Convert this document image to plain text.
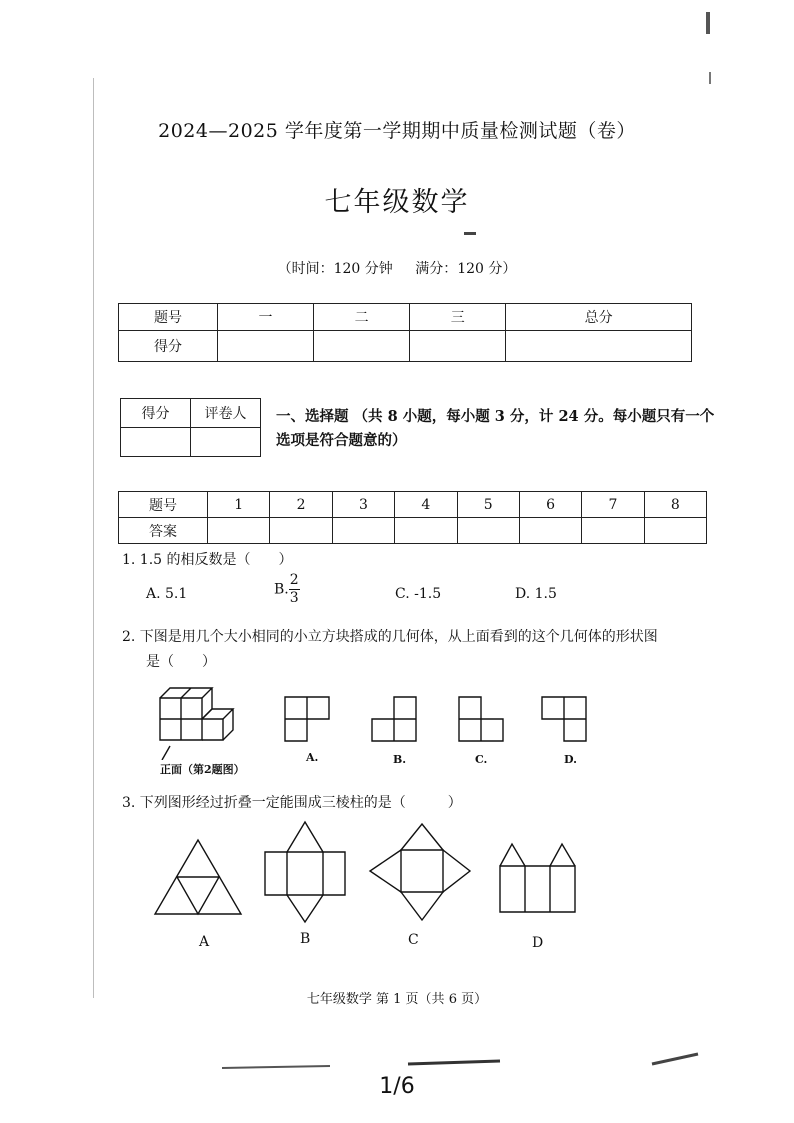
2024—2025 学年度第一学期期中质量检测试题（卷）
七年级数学
（时间：120 分钟 满分：120 分）
题号	一	二	三	总分
得分				
得分	评卷人
	一、选择题 （共 8 小题，每小题 3 分，计 24 分。每小题只有一个选项是符合题意的）
题号	1	2	3	4	5	6	7	8
答案								
1. 1.5 的相反数是（　　）
A. 5.1	$B.\frac{2}{3}$	C. -1.5	D. 1.5
2. 下图是用几个大小相同的小立方块搭成的几何体，从上面看到的这个几何体的形状图
是（　　）
正面（第2题图）
A.	B.	C.	D.
3. 下列图形经过折叠一定能围成三棱柱的是（　　　）
A	B	C	D
七年级数学 第 1 页（共 6 页）
1/6
